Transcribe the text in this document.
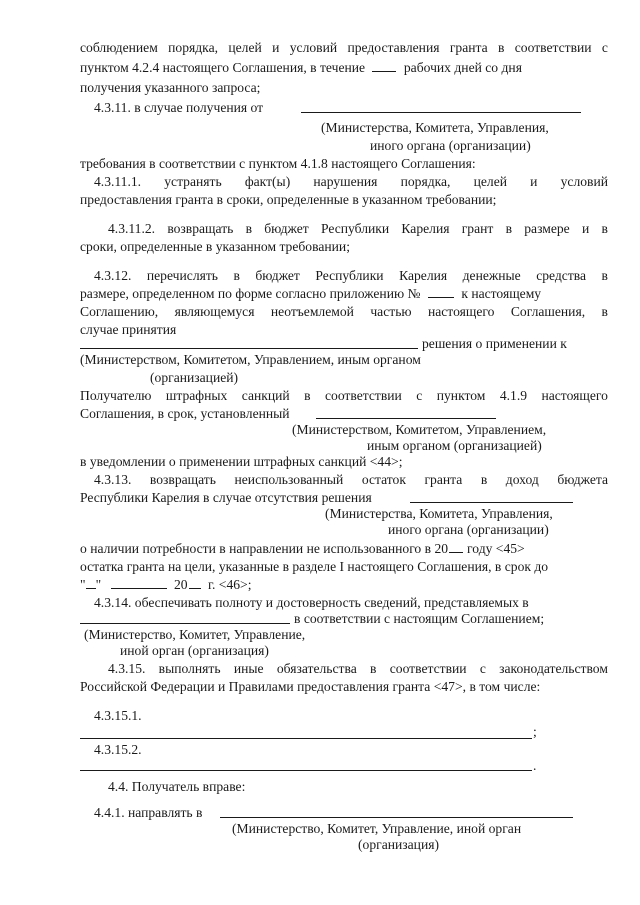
соблюдением порядка, целей и условий предоставления гранта в соответствии с
пунктом 4.2.4 настоящего Соглашения, в течение	рабочих дней со дня
получения указанного запроса;
4.3.11. в случае получения от
(Министерства, Комитета, Управления,
иного органа (организации)
требования в соответствии с пунктом 4.1.8 настоящего Соглашения:
4.3.11.1. устранять факт(ы) нарушения порядка, целей и условий
предоставления гранта в сроки, определенные в указанном требовании;
4.3.11.2. возвращать в бюджет Республики Карелия грант в размере и в
сроки, определенные в указанном требовании;
4.3.12. перечислять в бюджет Республики Карелия денежные средства в
размере, определенном по форме согласно приложению №	к настоящему
Соглашению, являющемуся неотъемлемой частью настоящего Соглашения, в
случае принятия
решения о применении к
(Министерством, Комитетом, Управлением, иным органом
(организацией)
Получателю штрафных санкций в соответствии с пунктом 4.1.9 настоящего
Соглашения, в срок, установленный
(Министерством, Комитетом, Управлением,
иным органом (организацией)
в уведомлении о применении штрафных санкций <44>;
4.3.13. возвращать неиспользованный остаток гранта в доход бюджета
Республики Карелия в случае отсутствия решения
(Министерства, Комитета, Управления,
иного органа (организации)
о наличии потребности в направлении не использованного в 20 году <45>
остатка гранта на цели, указанные в разделе I настоящего Соглашения, в срок до
" "	20 г. <46>;
4.3.14. обеспечивать полноту и достоверность сведений, представляемых в
в соответствии с настоящим Соглашением;
(Министерство, Комитет, Управление,
иной орган (организация)
4.3.15. выполнять иные обязательства в соответствии с законодательством
Российской Федерации и Правилами предоставления гранта <47>, в том числе:
4.3.15.1.
;
4.3.15.2.
.
4.4. Получатель вправе:
4.4.1. направлять в
(Министерство, Комитет, Управление, иной орган
(организация)
